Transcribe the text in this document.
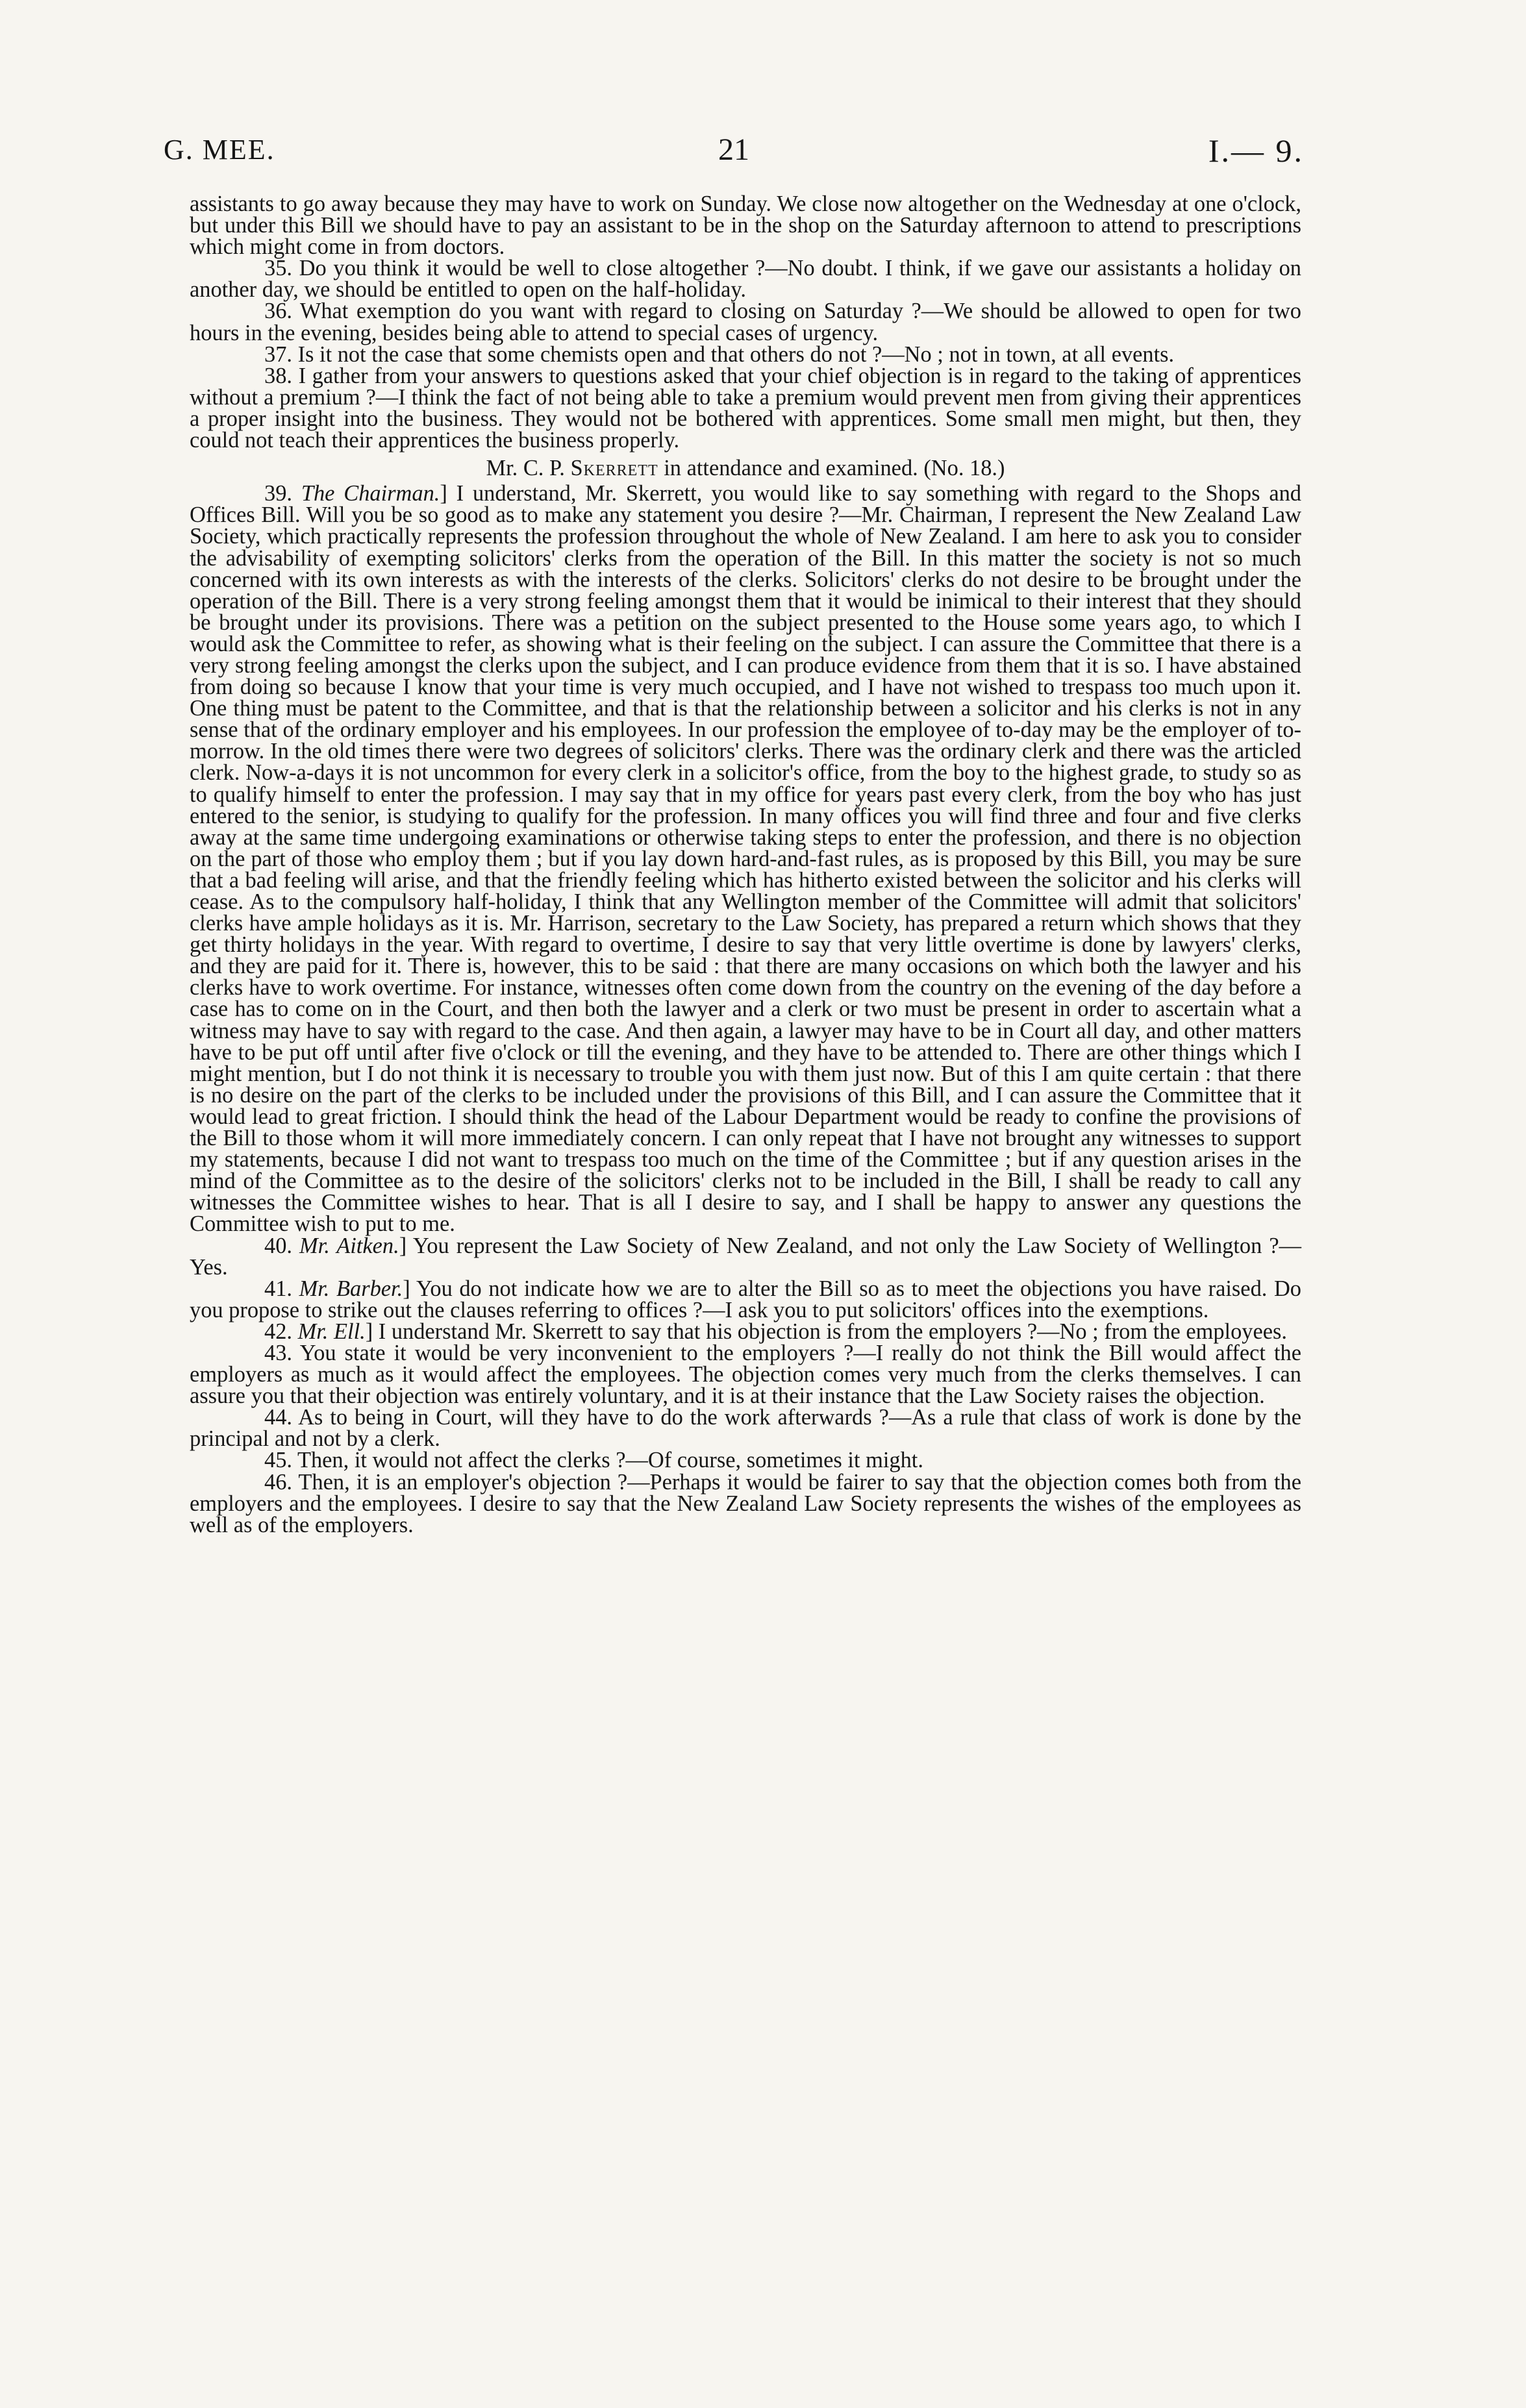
G. MEE.	21	I.— 9.

assistants to go away because they may have to work on Sunday. We close now altogether on the Wednesday at one o'clock, but under this Bill we should have to pay an assistant to be in the shop on the Saturday afternoon to attend to prescriptions which might come in from doctors.

35. Do you think it would be well to close altogether ?—No doubt. I think, if we gave our assistants a holiday on another day, we should be entitled to open on the half-holiday.

36. What exemption do you want with regard to closing on Saturday ?—We should be allowed to open for two hours in the evening, besides being able to attend to special cases of urgency.

37. Is it not the case that some chemists open and that others do not ?—No ; not in town, at all events.

38. I gather from your answers to questions asked that your chief objection is in regard to the taking of apprentices without a premium ?—I think the fact of not being able to take a premium would prevent men from giving their apprentices a proper insight into the business. They would not be bothered with apprentices. Some small men might, but then, they could not teach their apprentices the business properly.

Mr. C. P. Skerrett in attendance and examined. (No. 18.)

39. The Chairman.] I understand, Mr. Skerrett, you would like to say something with regard to the Shops and Offices Bill. Will you be so good as to make any statement you desire ?—Mr. Chairman, I represent the New Zealand Law Society, which practically represents the profession throughout the whole of New Zealand. I am here to ask you to consider the advisability of exempting solicitors' clerks from the operation of the Bill. In this matter the society is not so much concerned with its own interests as with the interests of the clerks. Solicitors' clerks do not desire to be brought under the operation of the Bill. There is a very strong feeling amongst them that it would be inimical to their interest that they should be brought under its provisions. There was a petition on the subject presented to the House some years ago, to which I would ask the Committee to refer, as showing what is their feeling on the subject. I can assure the Committee that there is a very strong feeling amongst the clerks upon the subject, and I can produce evidence from them that it is so. I have abstained from doing so because I know that your time is very much occupied, and I have not wished to trespass too much upon it. One thing must be patent to the Committee, and that is that the relationship between a solicitor and his clerks is not in any sense that of the ordinary employer and his employees. In our profession the employee of to-day may be the employer of to-morrow. In the old times there were two degrees of solicitors' clerks. There was the ordinary clerk and there was the articled clerk. Now-a-days it is not uncommon for every clerk in a solicitor's office, from the boy to the highest grade, to study so as to qualify himself to enter the profession. I may say that in my office for years past every clerk, from the boy who has just entered to the senior, is studying to qualify for the profession. In many offices you will find three and four and five clerks away at the same time undergoing examinations or otherwise taking steps to enter the profession, and there is no objection on the part of those who employ them ; but if you lay down hard-and-fast rules, as is proposed by this Bill, you may be sure that a bad feeling will arise, and that the friendly feeling which has hitherto existed between the solicitor and his clerks will cease. As to the compulsory half-holiday, I think that any Wellington member of the Committee will admit that solicitors' clerks have ample holidays as it is. Mr. Harrison, secretary to the Law Society, has prepared a return which shows that they get thirty holidays in the year. With regard to overtime, I desire to say that very little overtime is done by lawyers' clerks, and they are paid for it. There is, however, this to be said : that there are many occasions on which both the lawyer and his clerks have to work overtime. For instance, witnesses often come down from the country on the evening of the day before a case has to come on in the Court, and then both the lawyer and a clerk or two must be present in order to ascertain what a witness may have to say with regard to the case. And then again, a lawyer may have to be in Court all day, and other matters have to be put off until after five o'clock or till the evening, and they have to be attended to. There are other things which I might mention, but I do not think it is necessary to trouble you with them just now. But of this I am quite certain : that there is no desire on the part of the clerks to be included under the provisions of this Bill, and I can assure the Committee that it would lead to great friction. I should think the head of the Labour Department would be ready to confine the provisions of the Bill to those whom it will more immediately concern. I can only repeat that I have not brought any witnesses to support my statements, because I did not want to trespass too much on the time of the Committee ; but if any question arises in the mind of the Committee as to the desire of the solicitors' clerks not to be included in the Bill, I shall be ready to call any witnesses the Committee wishes to hear. That is all I desire to say, and I shall be happy to answer any questions the Committee wish to put to me.

40. Mr. Aitken.] You represent the Law Society of New Zealand, and not only the Law Society of Wellington ?—Yes.

41. Mr. Barber.] You do not indicate how we are to alter the Bill so as to meet the objections you have raised. Do you propose to strike out the clauses referring to offices ?—I ask you to put solicitors' offices into the exemptions.

42. Mr. Ell.] I understand Mr. Skerrett to say that his objection is from the employers ?—No ; from the employees.

43. You state it would be very inconvenient to the employers ?—I really do not think the Bill would affect the employers as much as it would affect the employees. The objection comes very much from the clerks themselves. I can assure you that their objection was entirely voluntary, and it is at their instance that the Law Society raises the objection.

44. As to being in Court, will they have to do the work afterwards ?—As a rule that class of work is done by the principal and not by a clerk.

45. Then, it would not affect the clerks ?—Of course, sometimes it might.

46. Then, it is an employer's objection ?—Perhaps it would be fairer to say that the objection comes both from the employers and the employees. I desire to say that the New Zealand Law Society represents the wishes of the employees as well as of the employers.
